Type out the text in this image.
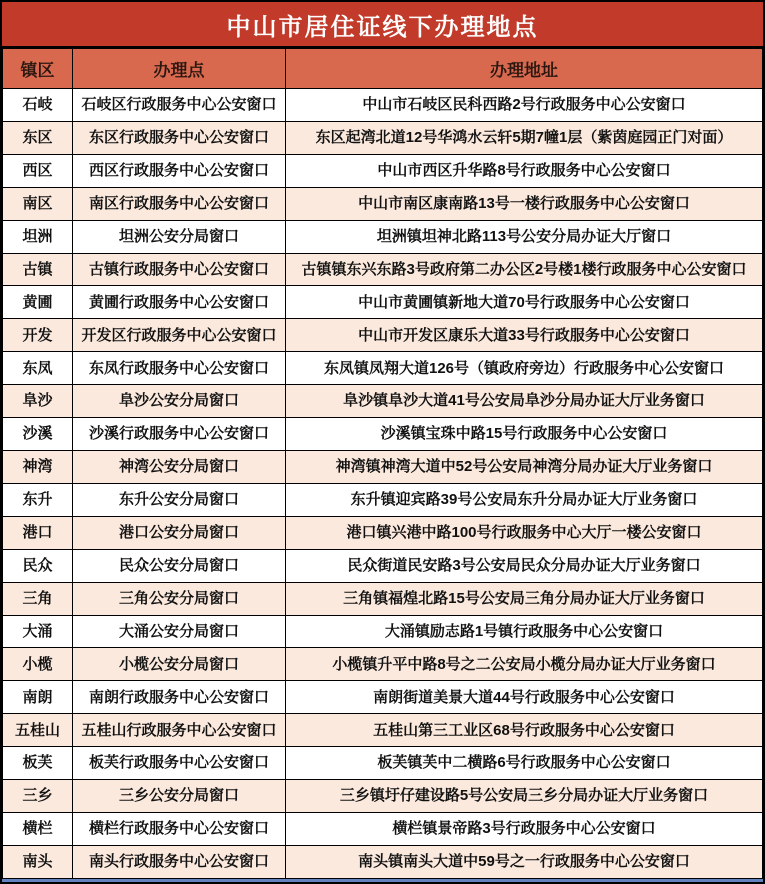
中山市居住证线下办理地点
镇区	办理点	办理地址
石岐	石岐区行政服务中心公安窗口	中山市石岐区民科西路2号行政服务中心公安窗口
东区	东区行政服务中心公安窗口	东区起湾北道12号华鸿水云轩5期7幢1层（紫茵庭园正门对面）
西区	西区行政服务中心公安窗口	中山市西区升华路8号行政服务中心公安窗口
南区	南区行政服务中心公安窗口	中山市南区康南路13号一楼行政服务中心公安窗口
坦洲	坦洲公安分局窗口	坦洲镇坦神北路113号公安分局办证大厅窗口
古镇	古镇行政服务中心公安窗口	古镇镇东兴东路3号政府第二办公区2号楼1楼行政服务中心公安窗口
黄圃	黄圃行政服务中心公安窗口	中山市黄圃镇新地大道70号行政服务中心公安窗口
开发	开发区行政服务中心公安窗口	中山市开发区康乐大道33号行政服务中心公安窗口
东凤	东凤行政服务中心公安窗口	东凤镇凤翔大道126号（镇政府旁边）行政服务中心公安窗口
阜沙	阜沙公安分局窗口	阜沙镇阜沙大道41号公安局阜沙分局办证大厅业务窗口
沙溪	沙溪行政服务中心公安窗口	沙溪镇宝珠中路15号行政服务中心公安窗口
神湾	神湾公安分局窗口	神湾镇神湾大道中52号公安局神湾分局办证大厅业务窗口
东升	东升公安分局窗口	东升镇迎宾路39号公安局东升分局办证大厅业务窗口
港口	港口公安分局窗口	港口镇兴港中路100号行政服务中心大厅一楼公安窗口
民众	民众公安分局窗口	民众街道民安路3号公安局民众分局办证大厅业务窗口
三角	三角公安分局窗口	三角镇福煌北路15号公安局三角分局办证大厅业务窗口
大涌	大涌公安分局窗口	大涌镇励志路1号镇行政服务中心公安窗口
小榄	小榄公安分局窗口	小榄镇升平中路8号之二公安局小榄分局办证大厅业务窗口
南朗	南朗行政服务中心公安窗口	南朗街道美景大道44号行政服务中心公安窗口
五桂山	五桂山行政服务中心公安窗口	五桂山第三工业区68号行政服务中心公安窗口
板芙	板芙行政服务中心公安窗口	板芙镇芙中二横路6号行政服务中心公安窗口
三乡	三乡公安分局窗口	三乡镇圩仔建设路5号公安局三乡分局办证大厅业务窗口
横栏	横栏行政服务中心公安窗口	横栏镇景帝路3号行政服务中心公安窗口
南头	南头行政服务中心公安窗口	南头镇南头大道中59号之一行政服务中心公安窗口
